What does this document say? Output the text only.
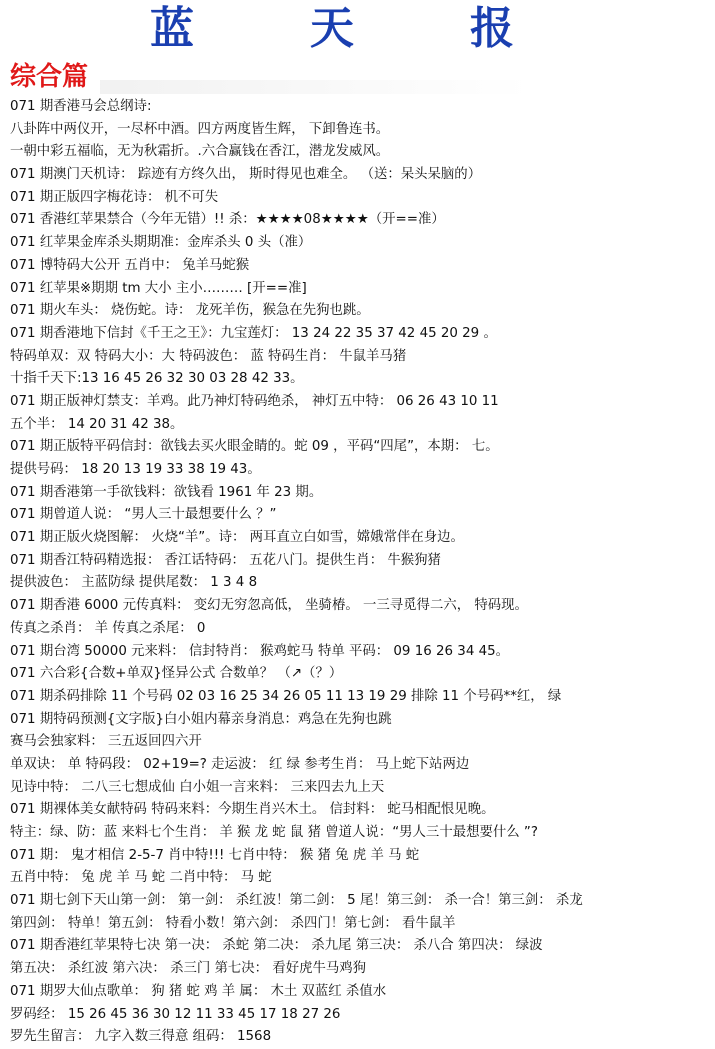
蓝	天	报
综合篇
071 期香港马会总纲诗:
八卦阵中两仪开，一尽杯中酒。四方两度皆生辉， 下卸鲁连书。
一朝中彩五福临，无为秋霜折。.六合赢钱在香江，潜龙发威风。
071 期澳门天机诗： 踪迹有方终久出， 斯时得见也难全。 （送：呆头呆脑的）
071 期正版四字梅花诗： 机不可失
071 香港红苹果禁合（今年无错）!! 杀：★★★★08★★★★（开==准）
071 红苹果金库杀头期期准：金库杀头 0 头（准）
071 博特码大公开 五肖中： 兔羊马蛇猴
071 红苹果※期期 tm 大小 主小……… [开==准]
071 期火车头： 烧伤蛇。诗： 龙死羊伤，猴急在先狗也跳。
071 期香港地下信封《千王之王》：九宝莲灯： 13 24 22 35 37 42 45 20 29 。
特码单双：双 特码大小：大 特码波色： 蓝 特码生肖： 牛鼠羊马猪
十指千天下:13 16 45 26 32 30 03 28 42 33。
071 期正版神灯禁支：羊鸡。此乃神灯特码绝杀， 神灯五中特： 06 26 43 10 11
五个半： 14 20 31 42 38。
071 期正版特平码信封：欲钱去买火眼金睛的。蛇 09 ，平码“四尾”，本期： 七。
提供号码： 18 20 13 19 33 38 19 43。
071 期香港第一手欲钱料：欲钱看 1961 年 23 期。
071 期曾道人说： “男人三十最想要什么 ？”
071 期正版火烧图解： 火烧“羊”。诗： 两耳直立白如雪，嫦娥常伴在身边。
071 期香江特码精选报： 香江话特码： 五花八门。提供生肖： 牛猴狗猪
提供波色： 主蓝防绿 提供尾数： 1 3 4 8
071 期香港 6000 元传真料： 变幻无穷忽高低， 坐骑椿。 一三寻觅得二六， 特码现。
传真之杀肖： 羊 传真之杀尾： 0
071 期台湾 50000 元来料： 信封特肖： 猴鸡蛇马 特单 平码： 09 16 26 34 45。
071 六合彩{合数+单双}怪异公式 合数单？ （↗（？）
071 期杀码排除 11 个号码 02 03 16 25 34 26 05 11 13 19 29 排除 11 个号码**红， 绿
071 期特码预测{文字版}白小姐内幕亲身消息：鸡急在先狗也跳
赛马会独家料： 三五返回四六开
单双诀： 单 特码段： 02+19=? 走运波： 红 绿 参考生肖： 马上蛇下站两边
见诗中特： 二八三七想成仙 白小姐一言来料： 三来四去九上天
071 期裸体美女献特码 特码来料：今期生肖兴木土。 信封料： 蛇马相配恨见晚。
特主：绿、防：蓝 来料七个生肖： 羊 猴 龙 蛇 鼠 猪 曾道人说：“男人三十最想要什么 ”?
071 期： 鬼才相信 2-5-7 肖中特!!! 七肖中特： 猴 猪 兔 虎 羊 马 蛇
五肖中特： 兔 虎 羊 马 蛇 二肖中特： 马 蛇
071 期七剑下天山第一剑： 第一剑： 杀红波！第二剑： 5 尾！第三剑： 杀一合！第三剑： 杀龙
第四剑： 特单！第五剑： 特看小数！第六剑： 杀四门！第七剑： 看牛鼠羊
071 期香港红苹果特七决 第一决： 杀蛇 第二决： 杀九尾 第三决： 杀八合 第四决： 绿波
第五决： 杀红波 第六决： 杀三门 第七决： 看好虎牛马鸡狗
071 期罗大仙点歌单： 狗 猪 蛇 鸡 羊 属： 木土 双蓝红 杀值水
罗码经： 15 26 45 36 30 12 11 33 45 17 18 27 26
罗先生留言： 九字入数三得意 组码： 1568
